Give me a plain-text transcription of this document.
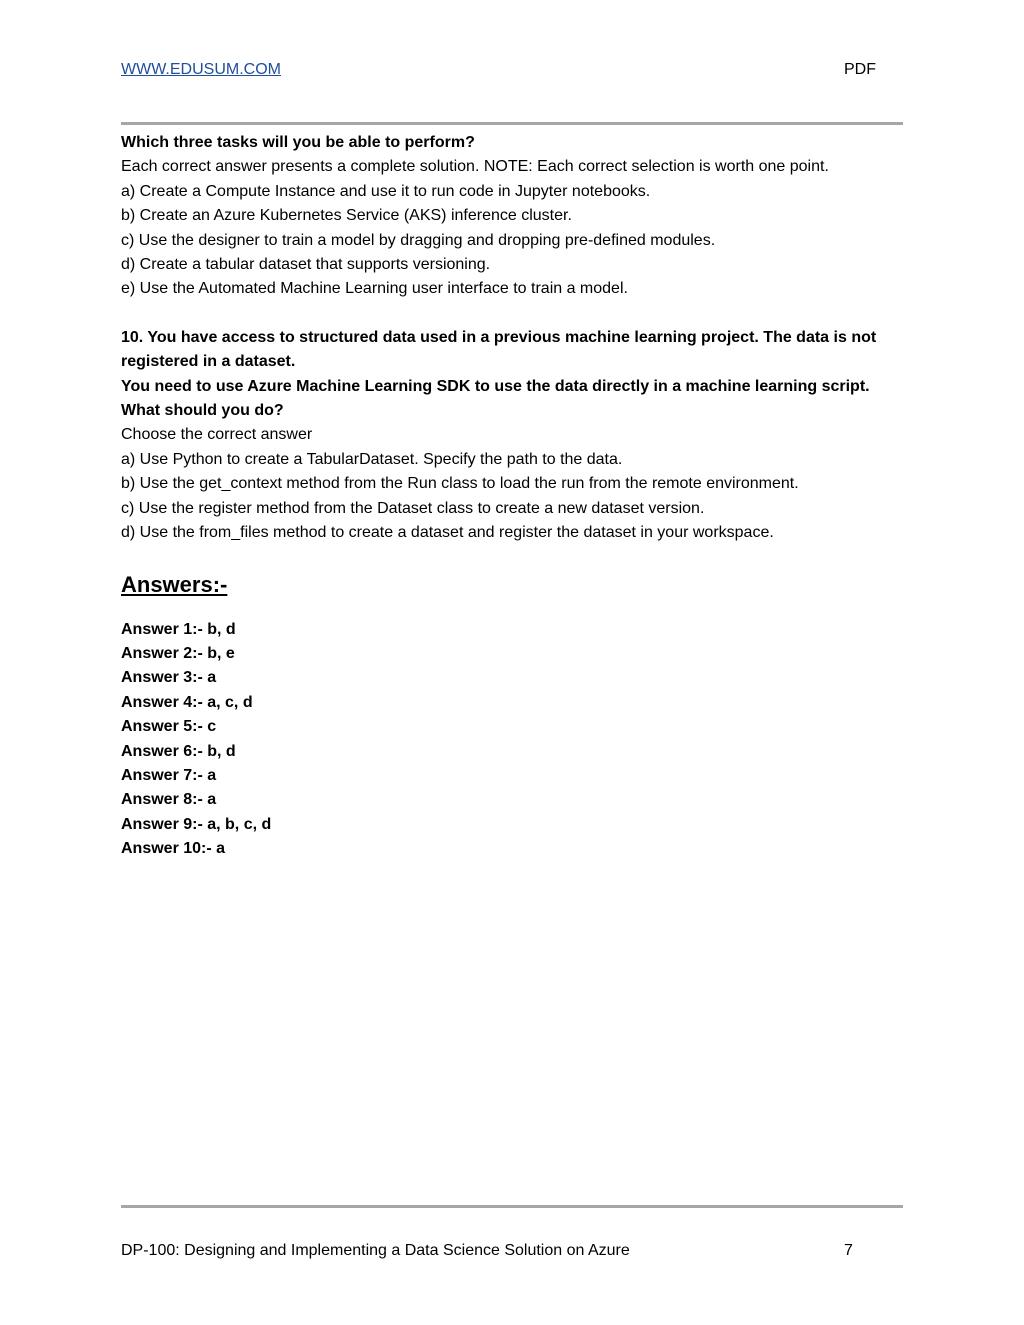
WWW.EDUSUM.COM	PDF

Which three tasks will you be able to perform?

Each correct answer presents a complete solution. NOTE: Each correct selection is worth one point.

a) Create a Compute Instance and use it to run code in Jupyter notebooks.

b) Create an Azure Kubernetes Service (AKS) inference cluster.

c) Use the designer to train a model by dragging and dropping pre-defined modules.

d) Create a tabular dataset that supports versioning.

e) Use the Automated Machine Learning user interface to train a model.

10. You have access to structured data used in a previous machine learning project. The data is not registered in a dataset.

You need to use Azure Machine Learning SDK to use the data directly in a machine learning script. What should you do?

Choose the correct answer

a) Use Python to create a TabularDataset. Specify the path to the data.

b) Use the get_context method from the Run class to load the run from the remote environment.

c) Use the register method from the Dataset class to create a new dataset version.

d) Use the from_files method to create a dataset and register the dataset in your workspace.

Answers:-

Answer 1:- b, d

Answer 2:- b, e

Answer 3:- a

Answer 4:- a, c, d

Answer 5:- c

Answer 6:- b, d

Answer 7:- a

Answer 8:- a

Answer 9:- a, b, c, d

Answer 10:- a

DP-100: Designing and Implementing a Data Science Solution on Azure	7
